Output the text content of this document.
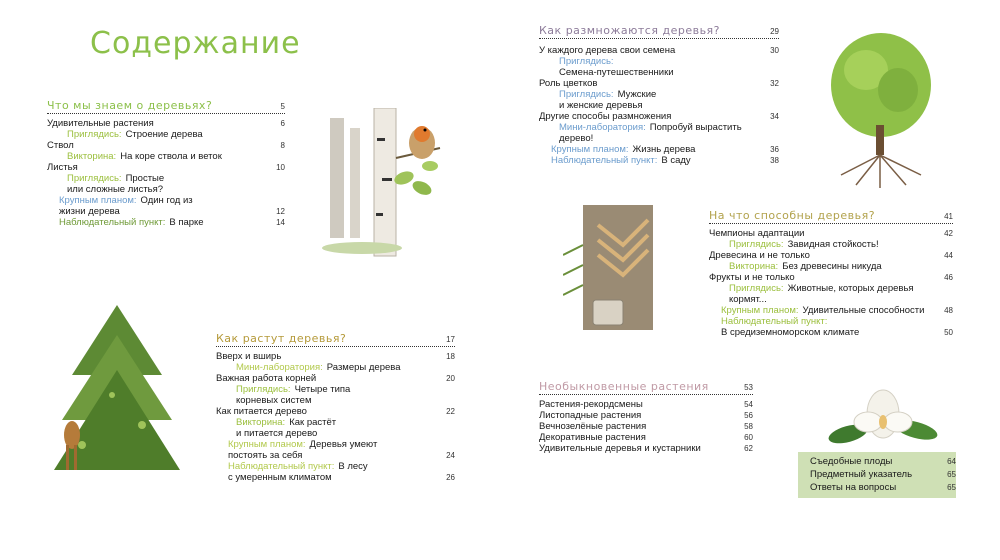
Содержание
Что мы знаем о деревьях?	5
Удивительные растения	6
Приглядись: Строение дерева
Ствол	8
Викторина: На коре ствола и веток
Листья	10
Приглядись: Простые
или сложные листья?
Крупным планом: Один год из
жизни дерева	12
Наблюдательный пункт: В парке	14
Как растут деревья?	17
Вверх и вширь	18
Мини-лаборатория: Размеры дерева
Важная работа корней	20
Приглядись: Четыре типа
корневых систем
Как питается дерево	22
Викторина: Как растёт
и питается дерево
Крупным планом: Деревья умеют
постоять за себя	24
Наблюдательный пункт: В лесу
с умеренным климатом	26
Как размножаются деревья?	29
У каждого дерева свои семена	30
Приглядись:
Семена-путешественники
Роль цветков	32
Приглядись: Мужские
и женские деревья
Другие способы размножения	34
Мини-лаборатория: Попробуй вырастить
дерево!
Крупным планом: Жизнь дерева	36
Наблюдательный пункт: В саду	38
На что способны деревья?	41
Чемпионы адаптации	42
Приглядись: Завидная стойкость!
Древесина и не только	44
Викторина: Без древесины никуда
Фрукты и не только	46
Приглядись: Животные, которых деревья
кормят...
Крупным планом: Удивительные способности 48
Наблюдательный пункт:
В средиземноморском климате	50
Необыкновенные растения	53
Растения-рекордсмены	54
Листопадные растения	56
Вечнозелёные растения	58
Декоративные растения	60
Удивительные деревья и кустарники	62
Съедобные плоды	64
Предметный указатель	65
Ответы на вопросы	65
